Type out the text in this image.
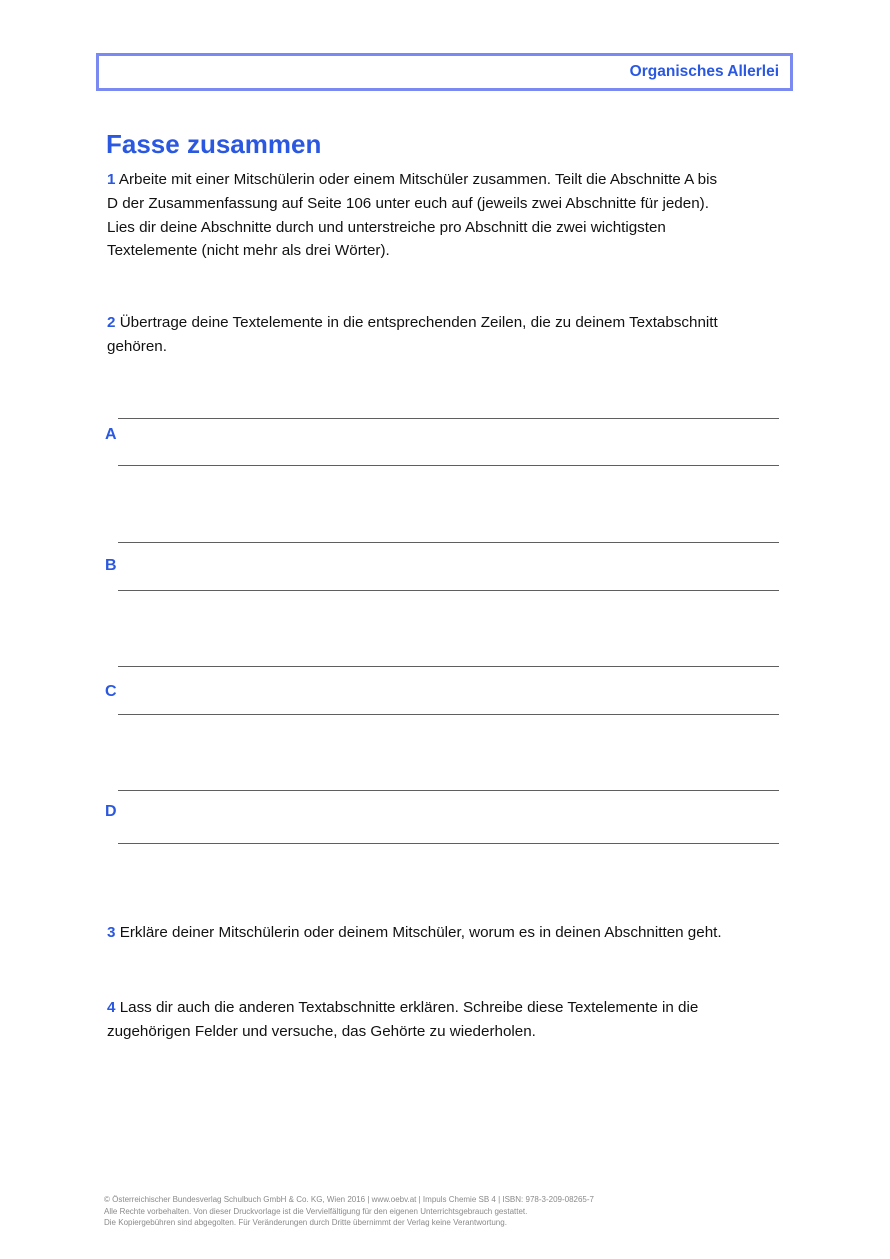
Organisches Allerlei
Fasse zusammen
1 Arbeite mit einer Mitschülerin oder einem Mitschüler zusammen. Teilt die Abschnitte A bis
D der Zusammenfassung auf Seite 106 unter euch auf (jeweils zwei Abschnitte für jeden).
Lies dir deine Abschnitte durch und unterstreiche pro Abschnitt die zwei wichtigsten
Textelemente (nicht mehr als drei Wörter).
2 Übertrage deine Textelemente in die entsprechenden Zeilen, die zu deinem Textabschnitt
gehören.
A
B
C
D
3 Erkläre deiner Mitschülerin oder deinem Mitschüler, worum es in deinen Abschnitten geht.
4 Lass dir auch die anderen Textabschnitte erklären. Schreibe diese Textelemente in die
zugehörigen Felder und versuche, das Gehörte zu wiederholen.
© Österreichischer Bundesverlag Schulbuch GmbH & Co. KG, Wien 2016 | www.oebv.at | Impuls Chemie SB 4 | ISBN: 978-3-209-08265-7
Alle Rechte vorbehalten. Von dieser Druckvorlage ist die Vervielfältigung für den eigenen Unterrichtsgebrauch gestattet.
Die Kopiergebühren sind abgegolten. Für Veränderungen durch Dritte übernimmt der Verlag keine Verantwortung.
